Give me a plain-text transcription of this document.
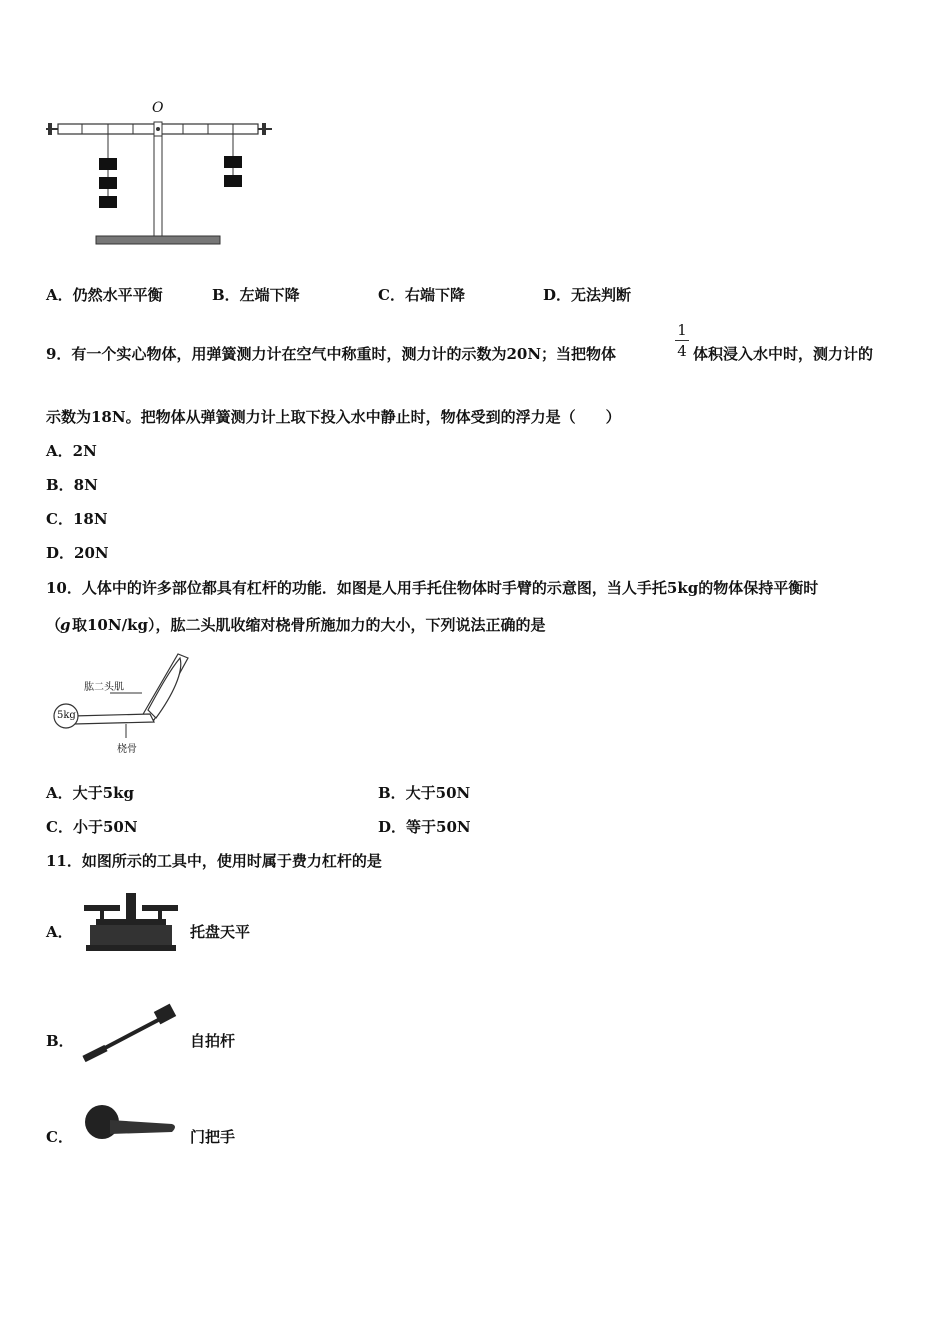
O
A．仍然水平平衡	B．左端下降	C．右端下降	D．无法判断
9．有一个实心物体，用弹簧测力计在空气中称重时，测力计的示数为20N；当把物体
1
4 体积浸入水中时，测力计的
示数为18N。把物体从弹簧测力计上取下投入水中静止时，物体受到的浮力是（　　）
A．2N
B．8N
C．18N
D．20N
10．人体中的许多部位都具有杠杆的功能．如图是人用手托住物体时手臂的示意图，当人手托5kg的物体保持平衡时
（
g 取10N/kg），肱二头肌收缩对桡骨所施加力的大小，下列说法正确的是
肱二头肌
5kg
桡骨
A．大于5kg	B．大于50N
C．小于50N	D．等于50N
11．如图所示的工具中，使用时属于费力杠杆的是
A．	托盘天平
B．	自拍杆
C．	门把手
